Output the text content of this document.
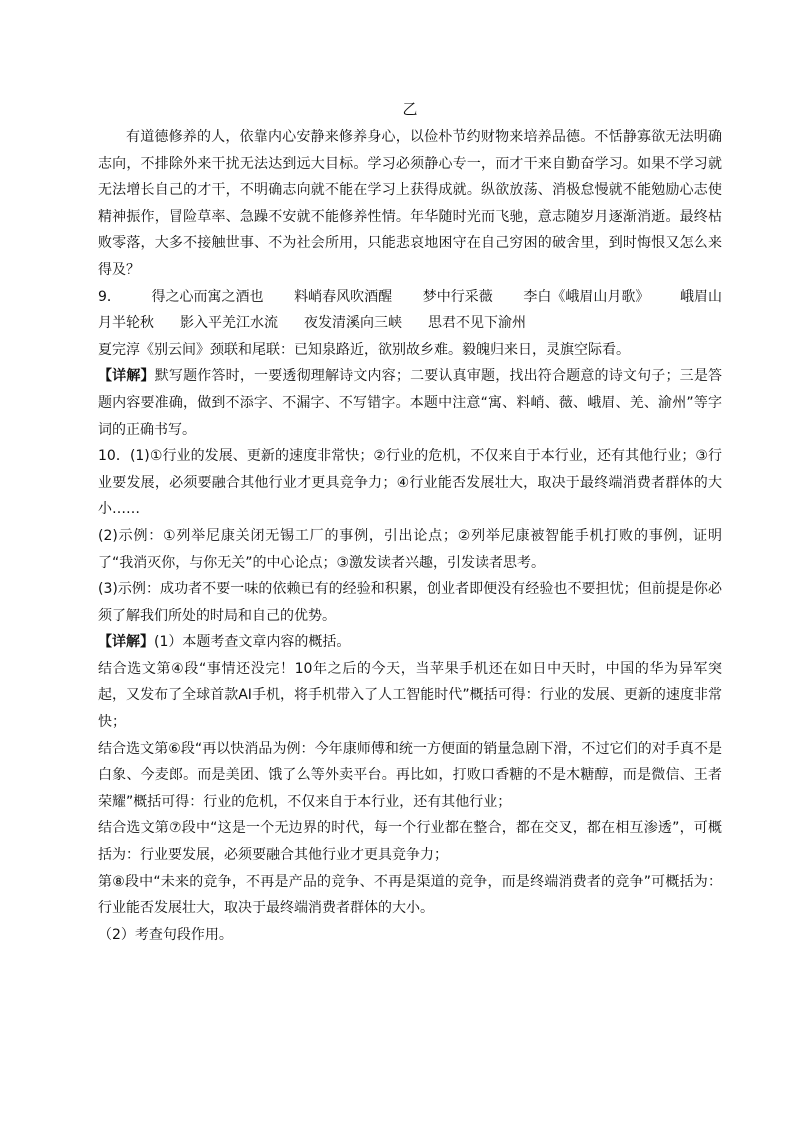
乙

有道德修养的人，依靠内心安静来修养身心，以俭朴节约财物来培养品德。不恬静寡欲无法明确志向，不排除外来干扰无法达到远大目标。学习必须静心专一，而才干来自勤奋学习。如果不学习就无法增长自己的才干，不明确志向就不能在学习上获得成就。纵欲放荡、消极怠慢就不能勉励心志使精神振作，冒险草率、急躁不安就不能修养性情。年华随时光而飞驰，意志随岁月逐渐消逝。最终枯败零落，大多不接触世事、不为社会所用，只能悲哀地困守在自己穷困的破舍里，到时悔恨又怎么来得及？

9． 得之心而寓之酒也 料峭春风吹酒醒 梦中行采薇 李白《峨眉山月歌》 峨眉山
月半轮秋 影入平羌江水流 夜发清溪向三峡 思君不见下渝州

夏完淳《别云间》颈联和尾联：已知泉路近，欲别故乡难。毅魄归来日，灵旗空际看。

【详解】默写题作答时，一要透彻理解诗文内容；二要认真审题，找出符合题意的诗文句子；三是答题内容要准确，做到不添字、不漏字、不写错字。本题中注意“寓、料峭、薇、峨眉、羌、渝州”等字词的正确书写。

10．(1)①行业的发展、更新的速度非常快；②行业的危机，不仅来自于本行业，还有其他行业；③行业要发展，必须要融合其他行业才更具竞争力；④行业能否发展壮大，取决于最终端消费者群体的大小……

(2)示例：①列举尼康关闭无锡工厂的事例，引出论点；②列举尼康被智能手机打败的事例，证明了“我消灭你，与你无关”的中心论点；③激发读者兴趣，引发读者思考。

(3)示例：成功者不要一味的依赖已有的经验和积累，创业者即便没有经验也不要担忧；但前提是你必须了解我们所处的时局和自己的优势。

【详解】(1）本题考查文章内容的概括。

结合选文第④段“事情还没完！10年之后的今天，当苹果手机还在如日中天时，中国的华为异军突起，又发布了全球首款AI手机，将手机带入了人工智能时代”概括可得：行业的发展、更新的速度非常快；

结合选文第⑥段“再以快消品为例：今年康师傅和统一方便面的销量急剧下滑，不过它们的对手真不是白象、今麦郎。而是美团、饿了么等外卖平台。再比如，打败口香糖的不是木糖醇，而是微信、王者荣耀”概括可得：行业的危机，不仅来自于本行业，还有其他行业；

结合选文第⑦段中“这是一个无边界的时代，每一个行业都在整合，都在交叉，都在相互渗透”，可概括为：行业要发展，必须要融合其他行业才更具竞争力；

第⑧段中“未来的竞争，不再是产品的竞争、不再是渠道的竞争，而是终端消费者的竞争”可概括为：行业能否发展壮大，取决于最终端消费者群体的大小。

（2）考查句段作用。
